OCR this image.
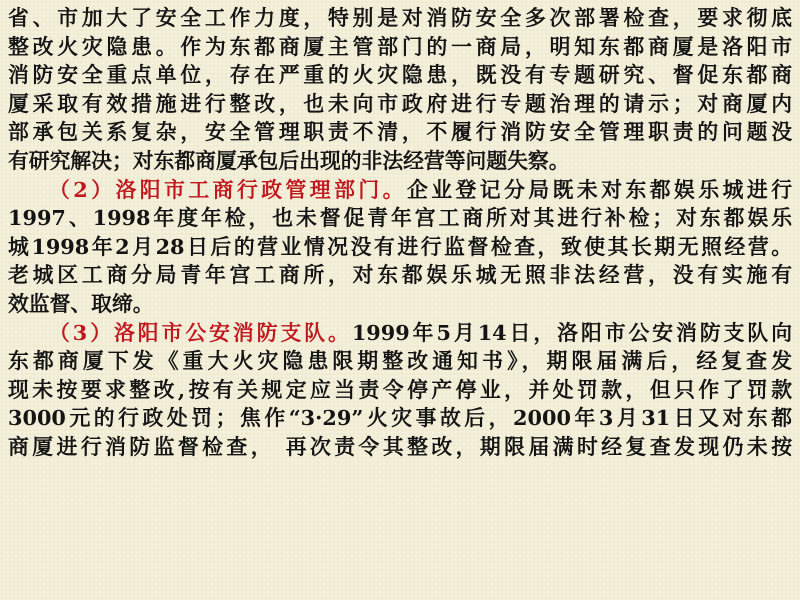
省、市加大了安全工作力度，特别是对消防安全多次部署检查，要求彻底
整改火灾隐患。作为东都商厦主管部门的一商局，明知东都商厦是洛阳市
消防安全重点单位，存在严重的火灾隐患，既没有专题研究、督促东都商
厦采取有效措施进行整改，也未向市政府进行专题治理的请示；对商厦内
部承包关系复杂，安全管理职责不清，不履行消防安全管理职责的问题没
有研究解决；对东都商厦承包后出现的非法经营等问题失察。
（2）洛阳市工商行政管理部门。企业登记分局既未对东都娱乐城进行
1997、1998年度年检，也未督促青年宫工商所对其进行补检；对东都娱乐
城1998年2月28日后的营业情况没有进行监督检查，致使其长期无照经营。
老城区工商分局青年宫工商所，对东都娱乐城无照非法经营，没有实施有
效监督、取缔。
（3）洛阳市公安消防支队。1999年5月14日，洛阳市公安消防支队向
东都商厦下发《重大火灾隐患限期整改通知书》，期限届满后，经复查发
现未按要求整改,按有关规定应当责令停产停业，并处罚款，但只作了罚款
3000元的行政处罚；焦作“3·29”火灾事故后，2000年3月31日又对东都
商厦进行消防监督检查， 再次责令其整改，期限届满时经复查发现仍未按
